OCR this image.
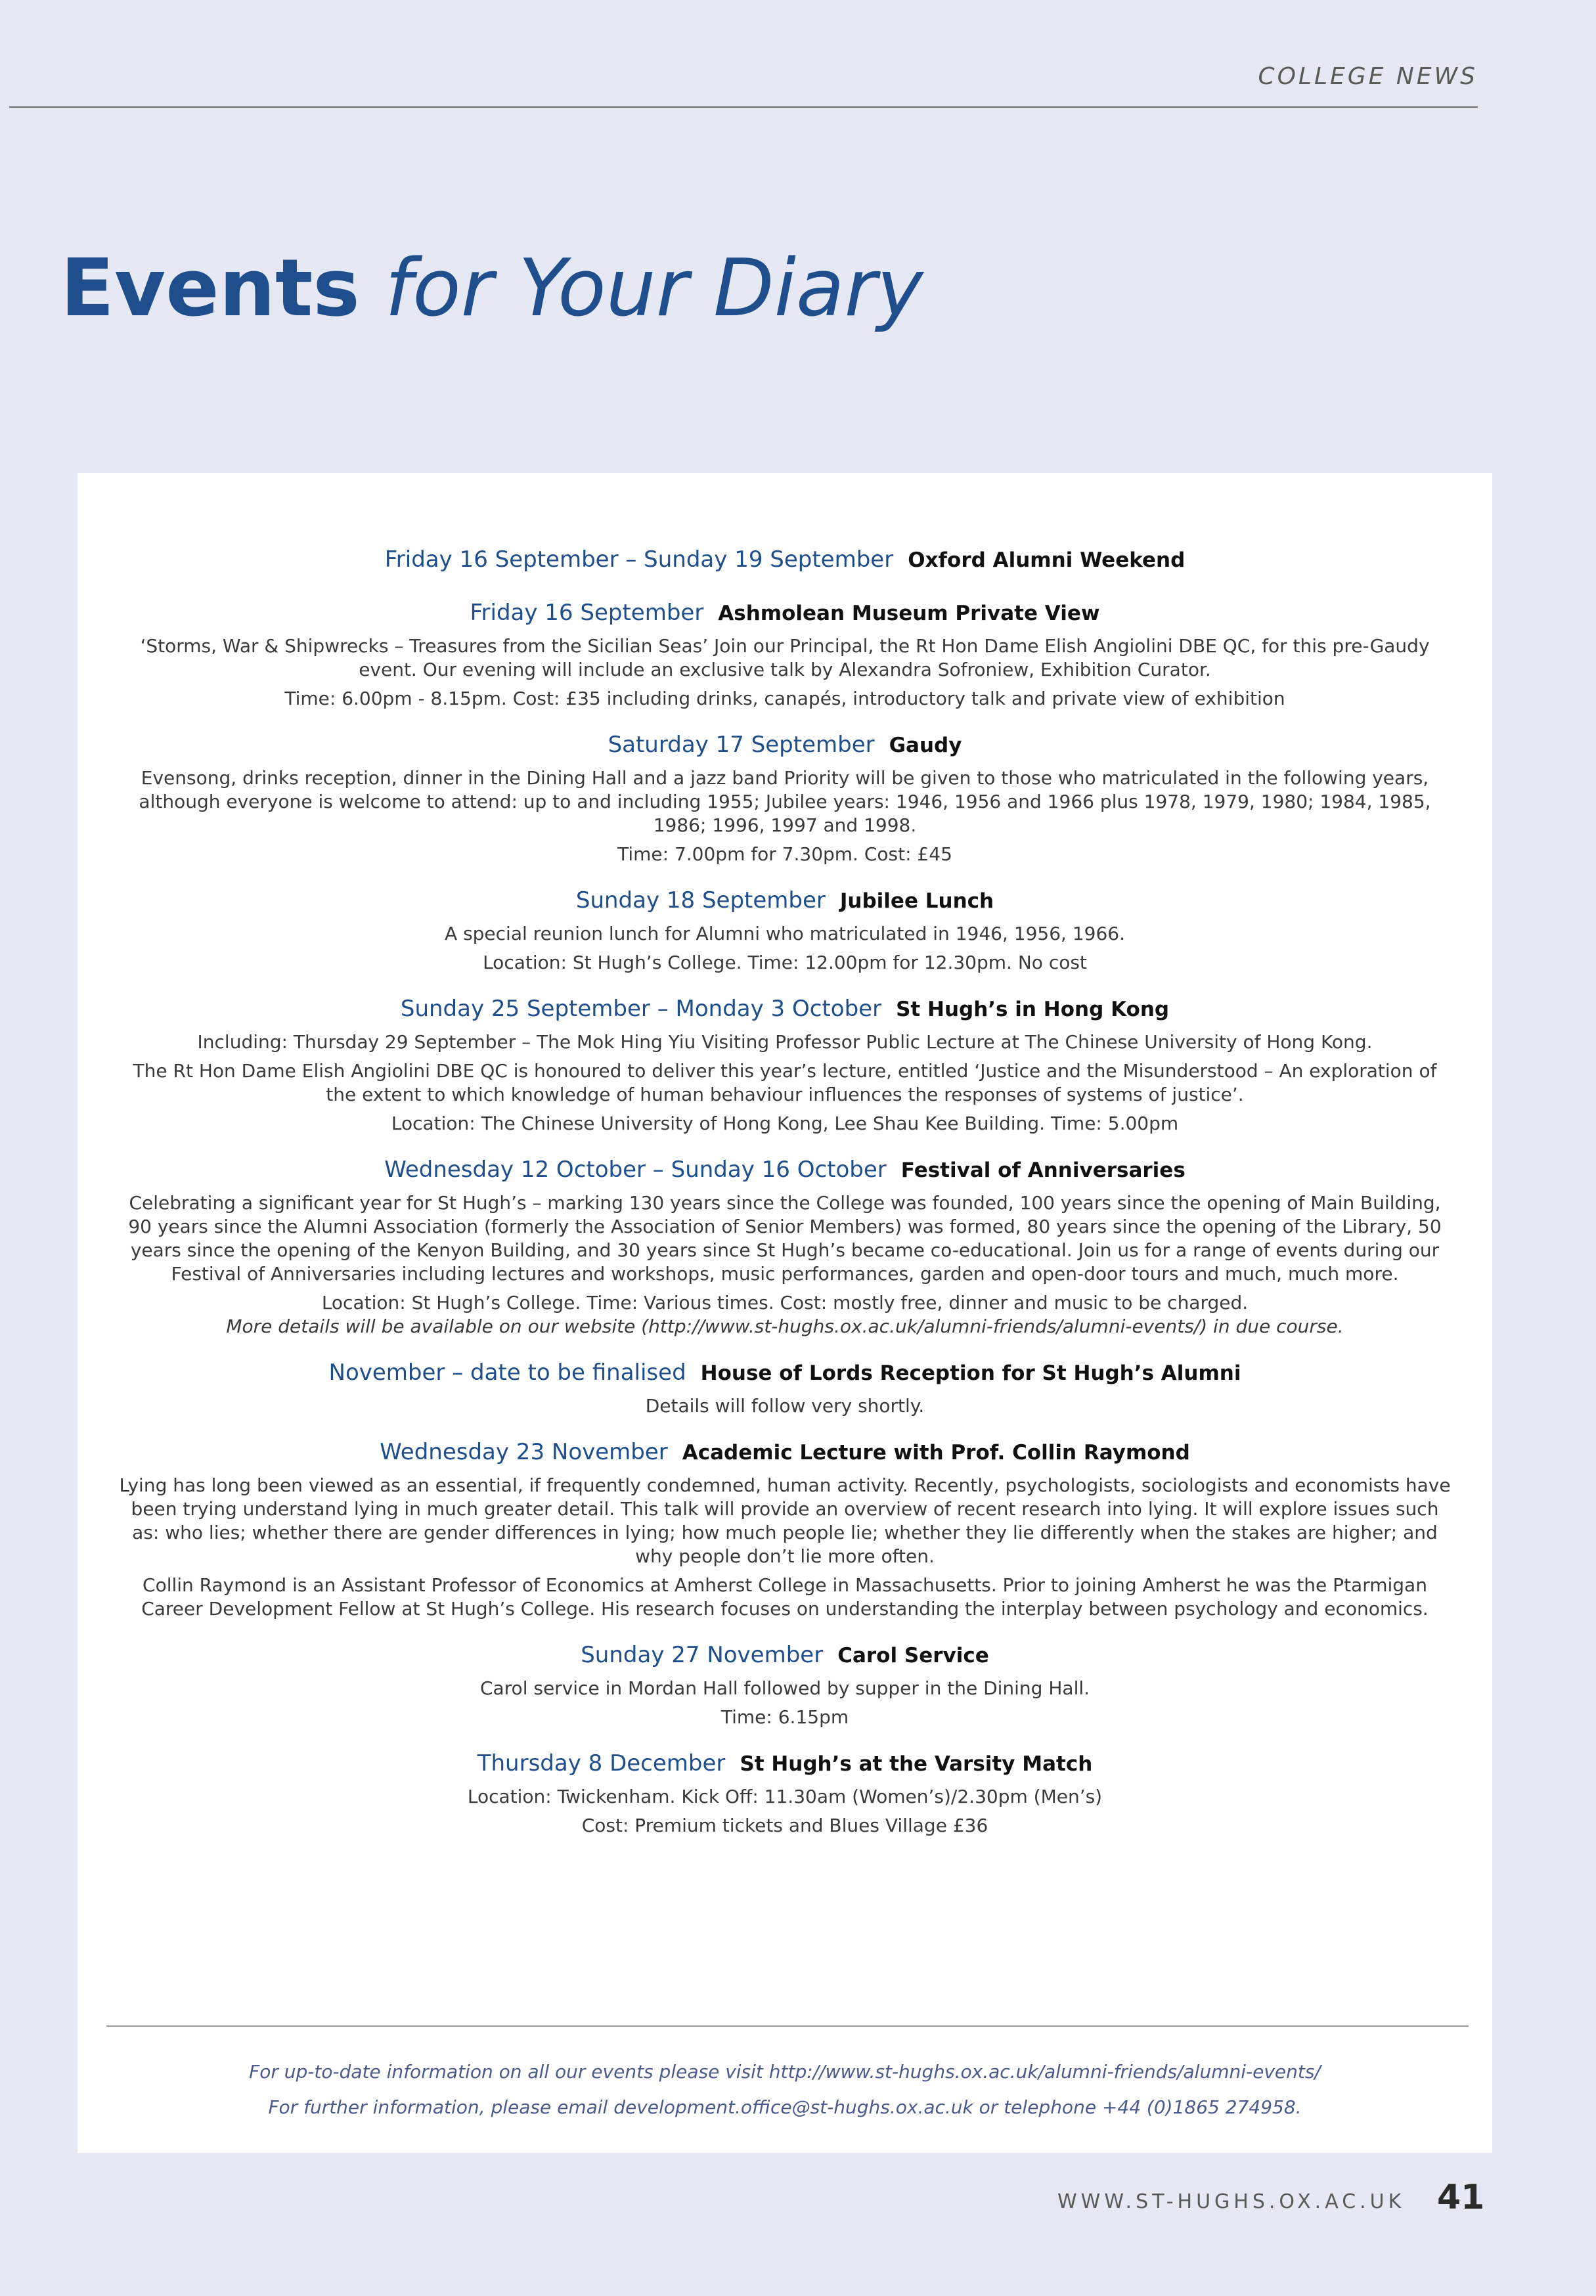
COLLEGE NEWS
Events for Your Diary
Friday 16 September – Sunday 19 September Oxford Alumni Weekend
Friday 16 September Ashmolean Museum Private View

‘Storms, War & Shipwrecks – Treasures from the Sicilian Seas’ Join our Principal, the Rt Hon Dame Elish Angiolini DBE QC, for this pre-Gaudy event. Our evening will include an exclusive talk by Alexandra Sofroniew, Exhibition Curator.

Time: 6.00pm - 8.15pm. Cost: £35 including drinks, canapés, introductory talk and private view of exhibition

Saturday 17 September Gaudy

Evensong, drinks reception, dinner in the Dining Hall and a jazz band Priority will be given to those who matriculated in the following years, although everyone is welcome to attend: up to and including 1955; Jubilee years: 1946, 1956 and 1966 plus 1978, 1979, 1980; 1984, 1985, 1986; 1996, 1997 and 1998.

Time: 7.00pm for 7.30pm. Cost: £45

Sunday 18 September Jubilee Lunch

A special reunion lunch for Alumni who matriculated in 1946, 1956, 1966.

Location: St Hugh’s College. Time: 12.00pm for 12.30pm. No cost

Sunday 25 September – Monday 3 October St Hugh’s in Hong Kong

Including: Thursday 29 September – The Mok Hing Yiu Visiting Professor Public Lecture at The Chinese University of Hong Kong.

The Rt Hon Dame Elish Angiolini DBE QC is honoured to deliver this year’s lecture, entitled ‘Justice and the Misunderstood – An exploration of the extent to which knowledge of human behaviour influences the responses of systems of justice’.

Location: The Chinese University of Hong Kong, Lee Shau Kee Building. Time: 5.00pm

Wednesday 12 October – Sunday 16 October Festival of Anniversaries

Celebrating a significant year for St Hugh’s – marking 130 years since the College was founded, 100 years since the opening of Main Building, 90 years since the Alumni Association (formerly the Association of Senior Members) was formed, 80 years since the opening of the Library, 50 years since the opening of the Kenyon Building, and 30 years since St Hugh’s became co-educational. Join us for a range of events during our Festival of Anniversaries including lectures and workshops, music performances, garden and open-door tours and much, much more.

Location: St Hugh’s College. Time: Various times. Cost: mostly free, dinner and music to be charged.

More details will be available on our website (http://www.st-hughs.ox.ac.uk/alumni-friends/alumni-events/) in due course.

November – date to be finalised House of Lords Reception for St Hugh’s Alumni

Details will follow very shortly.

Wednesday 23 November Academic Lecture with Prof. Collin Raymond

Lying has long been viewed as an essential, if frequently condemned, human activity. Recently, psychologists, sociologists and economists have been trying understand lying in much greater detail. This talk will provide an overview of recent research into lying. It will explore issues such as: who lies; whether there are gender differences in lying; how much people lie; whether they lie differently when the stakes are higher; and why people don’t lie more often.

Collin Raymond is an Assistant Professor of Economics at Amherst College in Massachusetts. Prior to joining Amherst he was the Ptarmigan Career Development Fellow at St Hugh’s College. His research focuses on understanding the interplay between psychology and economics.

Sunday 27 November Carol Service

Carol service in Mordan Hall followed by supper in the Dining Hall.

Time: 6.15pm

Thursday 8 December St Hugh’s at the Varsity Match

Location: Twickenham. Kick Off: 11.30am (Women’s)/2.30pm (Men’s)

Cost: Premium tickets and Blues Village £36

For up-to-date information on all our events please visit http://www.st-hughs.ox.ac.uk/alumni-friends/alumni-events/

For further information, please email development.office@st-hughs.ox.ac.uk or telephone +44 (0)1865 274958.

WWW.ST-HUGHS.OX.AC.UK 41
